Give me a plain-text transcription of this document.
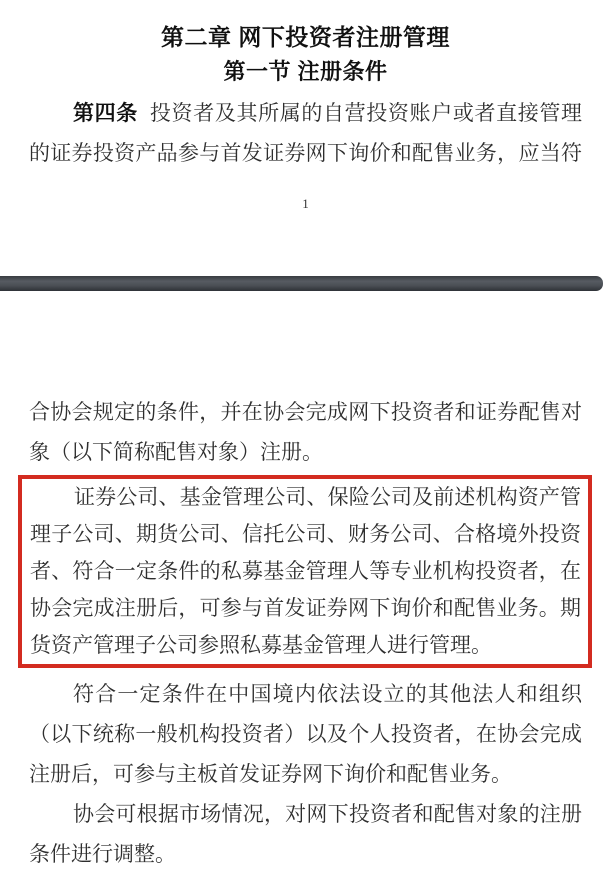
第二章 网下投资者注册管理
第一节 注册条件
第四条 投资者及其所属的自营投资账户或者直接管理
的证券投资产品参与首发证券网下询价和配售业务，应当符
1
合协会规定的条件，并在协会完成网下投资者和证券配售对
象（以下简称配售对象）注册。
证券公司、基金管理公司、保险公司及前述机构资产管
理子公司、期货公司、信托公司、财务公司、合格境外投资
者、符合一定条件的私募基金管理人等专业机构投资者，在
协会完成注册后，可参与首发证券网下询价和配售业务。期
货资产管理子公司参照私募基金管理人进行管理。
符合一定条件在中国境内依法设立的其他法人和组织
（以下统称一般机构投资者）以及个人投资者，在协会完成
注册后，可参与主板首发证券网下询价和配售业务。
协会可根据市场情况，对网下投资者和配售对象的注册
条件进行调整。
